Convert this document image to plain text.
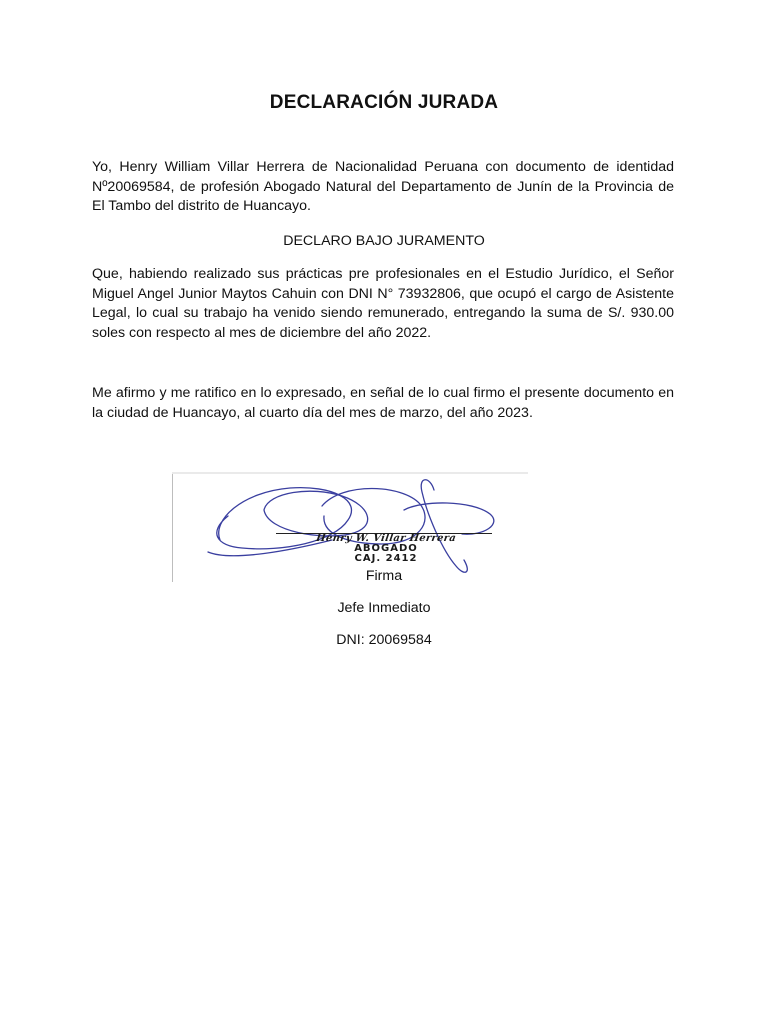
DECLARACIÓN JURADA

Yo, Henry William Villar Herrera de Nacionalidad Peruana con documento de identidad Nº20069584, de profesión Abogado Natural del Departamento de Junín de la Provincia de El Tambo del distrito de Huancayo.

DECLARO BAJO JURAMENTO

Que, habiendo realizado sus prácticas pre profesionales en el Estudio Jurídico, el Señor Miguel Angel Junior Maytos Cahuin con DNI N° 73932806, que ocupó el cargo de Asistente Legal, lo cual su trabajo ha venido siendo remunerado, entregando la suma de S/. 930.00 soles con respecto al mes de diciembre del año 2022.

Me afirmo y me ratifico en lo expresado, en señal de lo cual firmo el presente documento en la ciudad de Huancayo, al cuarto día del mes de marzo, del año 2023.

Henry W. Villar Herrera
ABOGADO
CAJ. 2412
Firma
Jefe Inmediato
DNI: 20069584
